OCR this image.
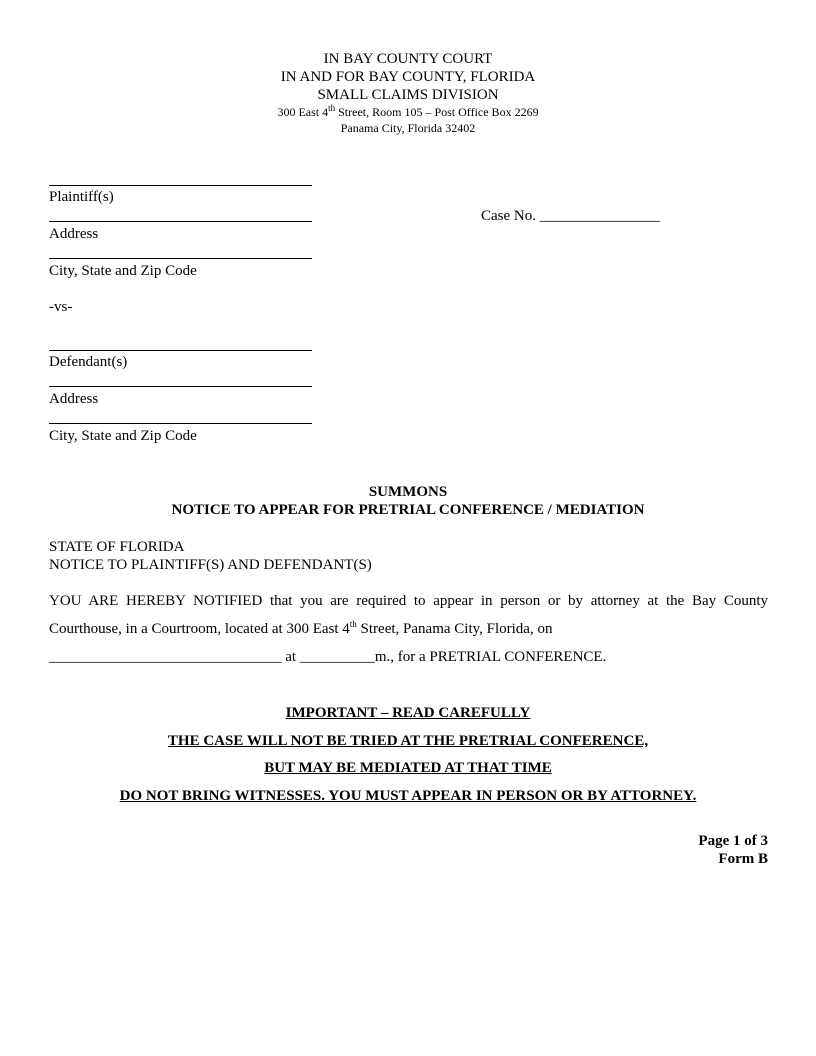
IN BAY COUNTY COURT
IN AND FOR BAY COUNTY, FLORIDA
SMALL CLAIMS DIVISION
300 East 4th Street, Room 105 – Post Office Box 2269
Panama City, Florida 32402
Plaintiff(s)
Address
City, State and Zip Code
Case No. ________________
-vs-
Defendant(s)
Address
City, State and Zip Code
SUMMONS
NOTICE TO APPEAR FOR PRETRIAL CONFERENCE / MEDIATION
STATE OF FLORIDA
NOTICE TO PLAINTIFF(S) AND DEFENDANT(S)
YOU ARE HEREBY NOTIFIED that you are required to appear in person or by attorney at the Bay County Courthouse, in a Courtroom, located at 300 East 4th Street, Panama City, Florida, on
_______________________________ at __________m., for a PRETRIAL CONFERENCE.
IMPORTANT – READ CAREFULLY
THE CASE WILL NOT BE TRIED AT THE PRETRIAL CONFERENCE,
BUT MAY BE MEDIATED AT THAT TIME
DO NOT BRING WITNESSES. YOU MUST APPEAR IN PERSON OR BY ATTORNEY.
Page 1 of 3
Form B
